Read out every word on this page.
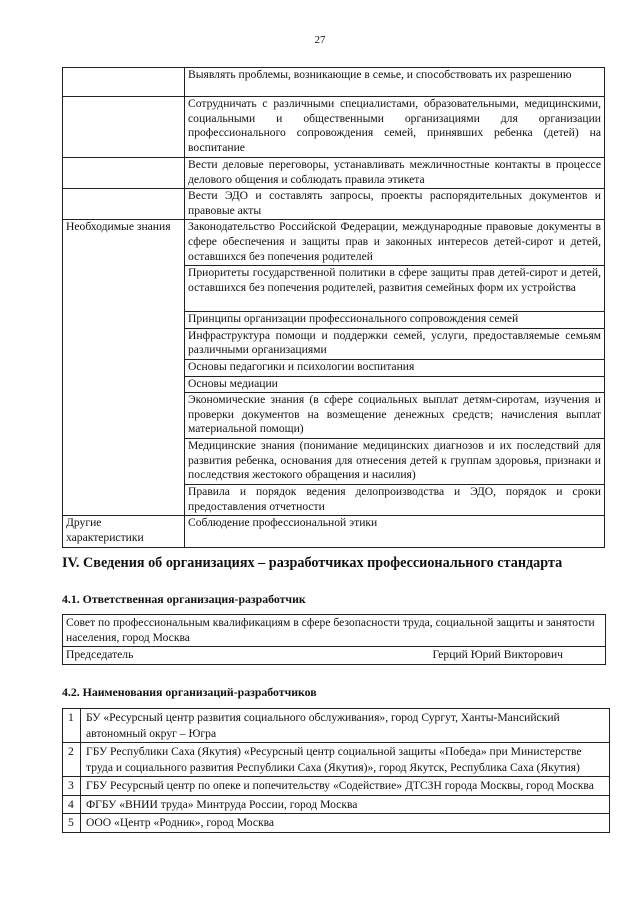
27
	Выявлять проблемы, возникающие в семье, и способствовать их разрешению
	Сотрудничать с различными специалистами, образовательными, медицинскими, социальными и общественными организациями для организации профессионального сопровождения семей, принявших ребенка (детей) на воспитание
	Вести деловые переговоры, устанавливать межличностные контакты в процессе делового общения и соблюдать правила этикета
	Вести ЭДО и составлять запросы, проекты распорядительных документов и правовые акты
Необходимые знания	Законодательство Российской Федерации, международные правовые документы в сфере обеспечения и защиты прав и законных интересов детей-сирот и детей, оставшихся без попечения родителей
	Приоритеты государственной политики в сфере защиты прав детей-сирот и детей, оставшихся без попечения родителей, развития семейных форм их устройства
	Принципы организации профессионального сопровождения семей
	Инфраструктура помощи и поддержки семей, услуги, предоставляемые семьям различными организациями
	Основы педагогики и психологии воспитания
	Основы медиации
	Экономические знания (в сфере социальных выплат детям-сиротам, изучения и проверки документов на возмещение денежных средств; начисления выплат материальной помощи)
	Медицинские знания (понимание медицинских диагнозов и их последствий для развития ребенка, основания для отнесения детей к группам здоровья, признаки и последствия жестокого обращения и насилия)
	Правила и порядок ведения делопроизводства и ЭДО, порядок и сроки предоставления отчетности
Другие характеристики	Соблюдение профессиональной этики
IV. Сведения об организациях – разработчиках профессионального стандарта
4.1. Ответственная организация-разработчик
Совет по профессиональным квалификациям в сфере безопасности труда, социальной защиты и занятости населения, город Москва
Председатель	Герций Юрий Викторович
4.2. Наименования организаций-разработчиков
1	БУ «Ресурсный центр развития социального обслуживания», город Сургут, Ханты-Мансийский автономный округ – Югра
2	ГБУ Республики Саха (Якутия) «Ресурсный центр социальной защиты «Победа» при Министерстве труда и социального развития Республики Саха (Якутия)», город Якутск, Республика Саха (Якутия)
3	ГБУ Ресурсный центр по опеке и попечительству «Содействие» ДТСЗН города Москвы, город Москва
4	ФГБУ «ВНИИ труда» Минтруда России, город Москва
5	ООО «Центр «Родник», город Москва
